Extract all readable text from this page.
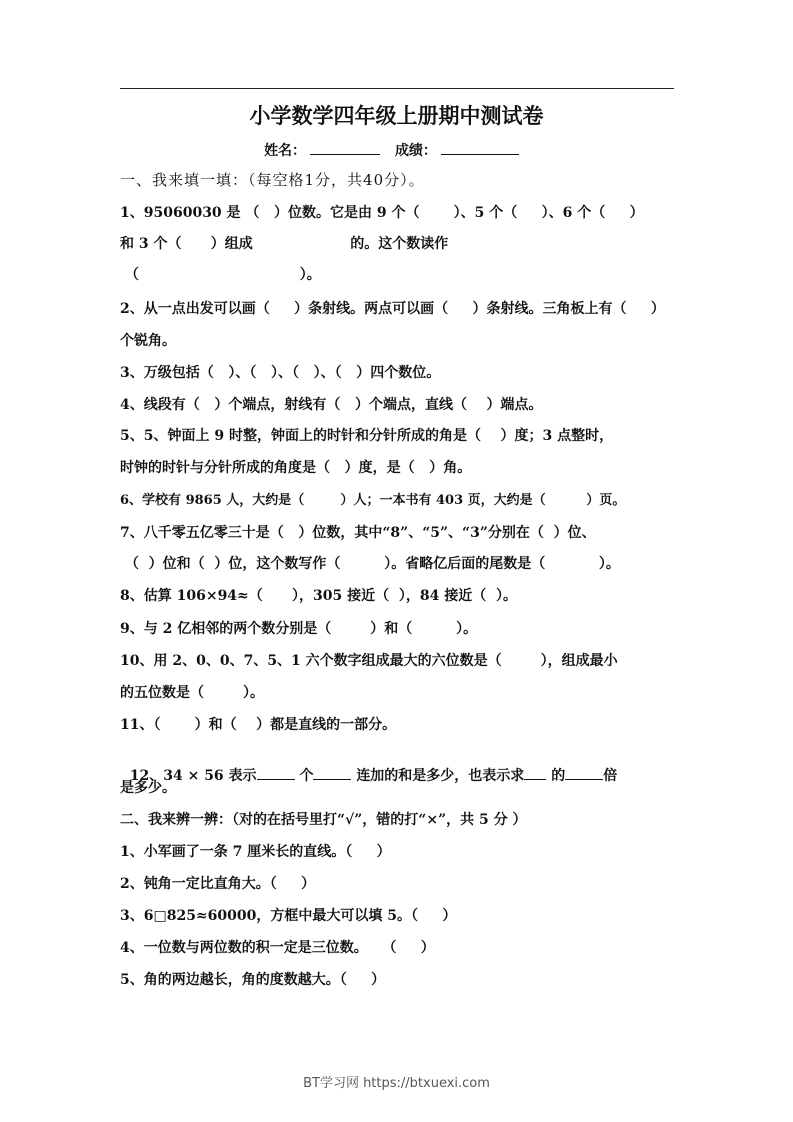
小学数学四年级上册期中测试卷
姓名：	成绩：
一、我来填一填：（每空格1分，共40分）。
1、95060030 是 （   ）位数。它是由 9 个（       ）、5 个（     ）、6 个（     ）
和 3 个（      ）组成                    的。这个数读作
（                                 ）。
2、从一点出发可以画（     ）条射线。两点可以画（     ）条射线。三角板上有（     ）
个锐角。
3、万级包括（   ）、（   ）、（   ）、（   ）四个数位。
4、线段有（   ）个端点，射线有（   ）个端点，直线（    ）端点。
5、5、钟面上 9 时整，钟面上的时针和分针所成的角是（    ）度；3 点整时，
时钟的时针与分针所成的角度是（   ）度，是（   ）角。
6、学校有 9865 人，大约是（        ）人；一本书有 403 页，大约是（         ）页。
7、八千零五亿零三十是（   ）位数，其中“8”、“5”、“3”分别在（  ）位、
（  ）位和（  ）位，这个数写作（         ）。省略亿后面的尾数是（           ）。
8、估算 106×94≈（      ），305 接近（  ），84 接近（  ）。
9、与 2 亿相邻的两个数分别是（        ）和（         ）。
10、用 2、0、0、7、5、1 六个数字组成最大的六位数是（        ），组成最小
的五位数是（        ）。
11、（       ）和（    ）都是直线的一部分。

12、34 × 56 表示	个	连加的和是多少，也表示求 的	倍

是多少。
二、我来辨一辨：（对的在括号里打“√”，错的打“×”，共 5 分 ）
1、小军画了一条 7 厘米长的直线。（     ）
2、钝角一定比直角大。（     ）
3、6□825≈60000，方框中最大可以填 5。（     ）
4、一位数与两位数的积一定是三位数。   （     ）
5、角的两边越长，角的度数越大。（     ）
BT学习网 https://btxuexi.com
